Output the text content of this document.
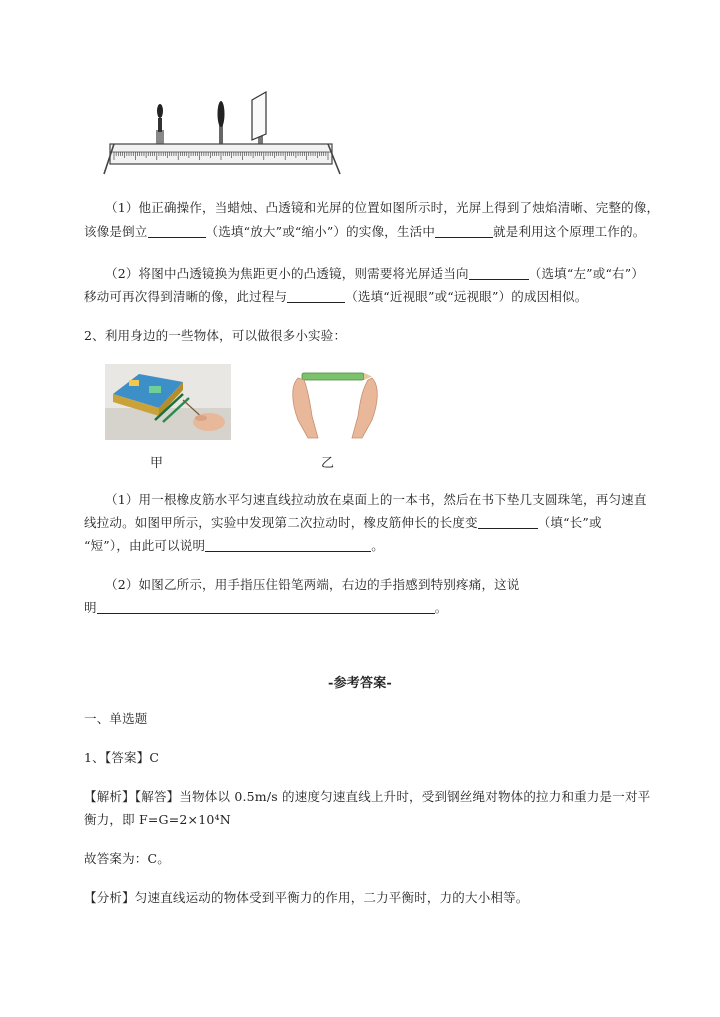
（1）他正确操作，当蜡烛、凸透镜和光屏的位置如图所示时，光屏上得到了烛焰清晰、完整的像，
该像是倒立	（选填“放大”或“缩小”）的实像，生活中	就是利用这个原理工作的。
（2）将图中凸透镜换为焦距更小的凸透镜，则需要将光屏适当向	（选填“左”或“右”）
移动可再次得到清晰的像，此过程与	（选填“近视眼”或“远视眼”）的成因相似。
2、利用身边的一些物体，可以做很多小实验：
甲	乙
（1）用一根橡皮筋水平匀速直线拉动放在桌面上的一本书，然后在书下垫几支圆珠笔，再匀速直
线拉动。如图甲所示，实验中发现第二次拉动时，橡皮筋伸长的长度变	（填“长”或
“短”），由此可以说明	。
（2）如图乙所示，用手指压住铅笔两端，右边的手指感到特别疼痛，这说
明	。
-参考答案-
一、单选题
1、【答案】C
【解析】【解答】当物体以 0.5m/s 的速度匀速直线上升时，受到钢丝绳对物体的拉力和重力是一对平
衡力，即 F=G=2×10⁴N
故答案为：C。
【分析】匀速直线运动的物体受到平衡力的作用，二力平衡时，力的大小相等。
